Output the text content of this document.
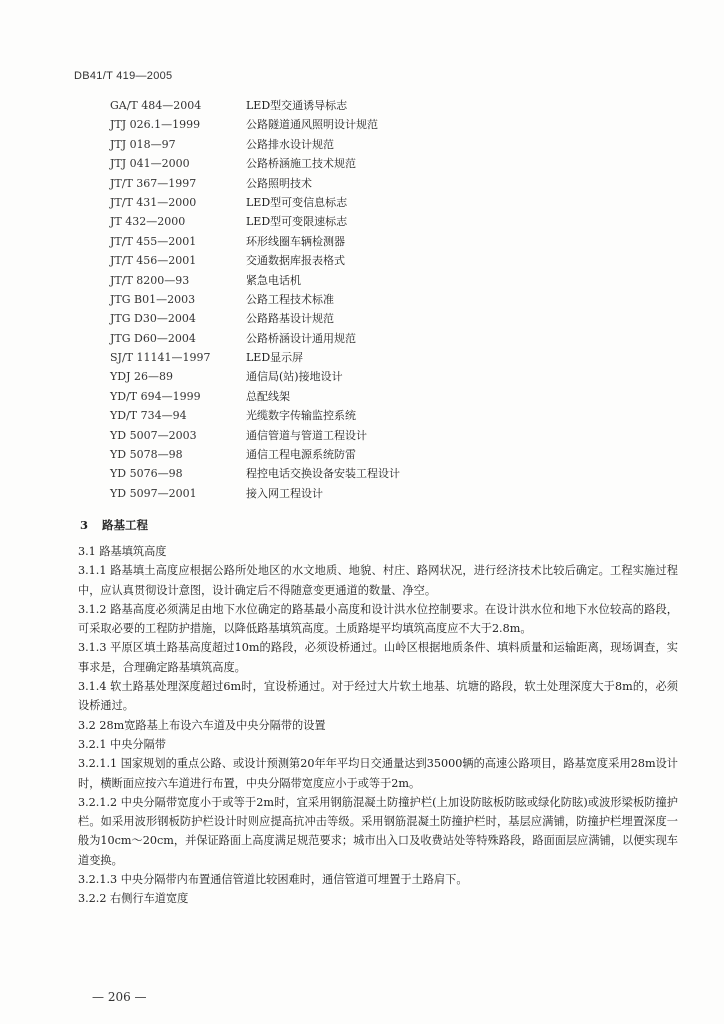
DB41/T 419—2005
GA/T 484—2004	LED型交通诱导标志
JTJ 026.1—1999	公路隧道通风照明设计规范
JTJ 018—97	公路排水设计规范
JTJ 041—2000	公路桥涵施工技术规范
JT/T 367—1997	公路照明技术
JT/T 431—2000	LED型可变信息标志
JT 432—2000	LED型可变限速标志
JT/T 455—2001	环形线圈车辆检测器
JT/T 456—2001	交通数据库报表格式
JT/T 8200—93	紧急电话机
JTG B01—2003	公路工程技术标准
JTG D30—2004	公路路基设计规范
JTG D60—2004	公路桥涵设计通用规范
SJ/T 11141—1997	LED显示屏
YDJ 26—89	通信局(站)接地设计
YD/T 694—1999	总配线架
YD/T 734—94	光缆数字传输监控系统
YD 5007—2003	通信管道与管道工程设计
YD 5078—98	通信工程电源系统防雷
YD 5076—98	程控电话交换设备安装工程设计
YD 5097—2001	接入网工程设计
3 路基工程

3.1 路基填筑高度

3.1.1 路基填土高度应根据公路所处地区的水文地质、地貌、村庄、路网状况，进行经济技术比较后确定。工程实施过程中，应认真贯彻设计意图，设计确定后不得随意变更通道的数量、净空。

3.1.2 路基高度必须满足由地下水位确定的路基最小高度和设计洪水位控制要求。在设计洪水位和地下水位较高的路段，可采取必要的工程防护措施，以降低路基填筑高度。土质路堤平均填筑高度应不大于2.8m。

3.1.3 平原区填土路基高度超过10m的路段，必须设桥通过。山岭区根据地质条件、填料质量和运输距离，现场调查，实事求是，合理确定路基填筑高度。

3.1.4 软土路基处理深度超过6m时，宜设桥通过。对于经过大片软土地基、坑塘的路段，软土处理深度大于8m的，必须设桥通过。

3.2 28m宽路基上布设六车道及中央分隔带的设置

3.2.1 中央分隔带

3.2.1.1 国家规划的重点公路、或设计预测第20年年平均日交通量达到35000辆的高速公路项目，路基宽度采用28m设计时，横断面应按六车道进行布置，中央分隔带宽度应小于或等于2m。

3.2.1.2 中央分隔带宽度小于或等于2m时，宜采用钢筋混凝土防撞护栏(上加设防眩板防眩或绿化防眩)或波形梁板防撞护栏。如采用波形钢板防护栏设计时则应提高抗冲击等级。采用钢筋混凝土防撞护栏时，基层应满铺，防撞护栏埋置深度一般为10cm～20cm，并保证路面上高度满足规范要求；城市出入口及收费站处等特殊路段，路面面层应满铺，以便实现车道变换。

3.2.1.3 中央分隔带内布置通信管道比较困难时，通信管道可埋置于土路肩下。

3.2.2 右侧行车道宽度

— 206 —
